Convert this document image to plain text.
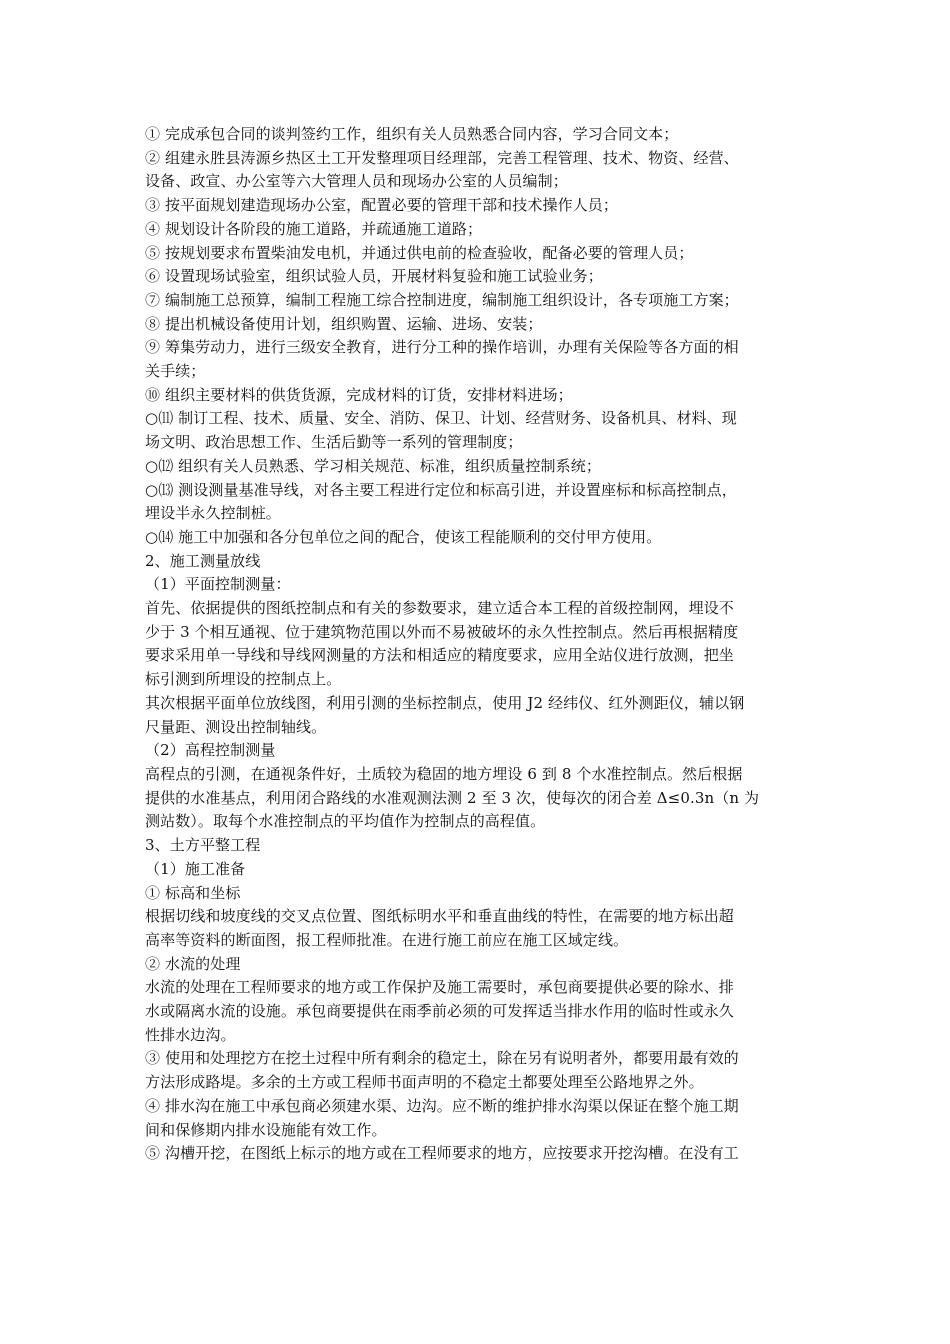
① 完成承包合同的谈判签约工作，组织有关人员熟悉合同内容，学习合同文本；
② 组建永胜县涛源乡热区土工开发整理项目经理部，完善工程管理、技术、物资、经营、
设备、政宣、办公室等六大管理人员和现场办公室的人员编制；
③ 按平面规划建造现场办公室，配置必要的管理干部和技术操作人员；
④ 规划设计各阶段的施工道路，并疏通施工道路；
⑤ 按规划要求布置柴油发电机，并通过供电前的检查验收，配备必要的管理人员；
⑥ 设置现场试验室，组织试验人员，开展材料复验和施工试验业务；
⑦ 编制施工总预算，编制工程施工综合控制进度，编制施工组织设计，各专项施工方案；
⑧ 提出机械设备使用计划，组织购置、运输、进场、安装；
⑨ 筹集劳动力，进行三级安全教育，进行分工种的操作培训，办理有关保险等各方面的相
关手续；
⑩ 组织主要材料的供货货源，完成材料的订货，安排材料进场；
○⑾ 制订工程、技术、质量、安全、消防、保卫、计划、经营财务、设备机具、材料、现
场文明、政治思想工作、生活后勤等一系列的管理制度；
○⑿ 组织有关人员熟悉、学习相关规范、标准，组织质量控制系统；
○⒀ 测设测量基准导线，对各主要工程进行定位和标高引进，并设置座标和标高控制点，
埋设半永久控制桩。
○⒁ 施工中加强和各分包单位之间的配合，使该工程能顺利的交付甲方使用。
2、施工测量放线
（1）平面控制测量：
首先、依据提供的图纸控制点和有关的参数要求，建立适合本工程的首级控制网，埋设不
少于 3 个相互通视、位于建筑物范围以外而不易被破坏的永久性控制点。然后再根据精度
要求采用单一导线和导线网测量的方法和相适应的精度要求，应用全站仪进行放测，把坐
标引测到所埋设的控制点上。
其次根据平面单位放线图，利用引测的坐标控制点，使用 J2 经纬仪、红外测距仪，辅以钢
尺量距、测设出控制轴线。
（2）高程控制测量
高程点的引测，在通视条件好，土质较为稳固的地方埋设 6 到 8 个水准控制点。然后根据
提供的水准基点，利用闭合路线的水准观测法测 2 至 3 次，使每次的闭合差 Δ≤0.3n（n 为
测站数）。取每个水准控制点的平均值作为控制点的高程值。
3、土方平整工程
（1）施工准备
① 标高和坐标
根据切线和坡度线的交叉点位置、图纸标明水平和垂直曲线的特性，在需要的地方标出超
高率等资料的断面图，报工程师批准。在进行施工前应在施工区域定线。
② 水流的处理
水流的处理在工程师要求的地方或工作保护及施工需要时，承包商要提供必要的除水、排
水或隔离水流的设施。承包商要提供在雨季前必须的可发挥适当排水作用的临时性或永久
性排水边沟。
③ 使用和处理挖方在挖土过程中所有剩余的稳定土，除在另有说明者外，都要用最有效的
方法形成路堤。多余的土方或工程师书面声明的不稳定土都要处理至公路地界之外。
④ 排水沟在施工中承包商必须建水渠、边沟。应不断的维护排水沟渠以保证在整个施工期
间和保修期内排水设施能有效工作。
⑤ 沟槽开挖，在图纸上标示的地方或在工程师要求的地方，应按要求开挖沟槽。在没有工
